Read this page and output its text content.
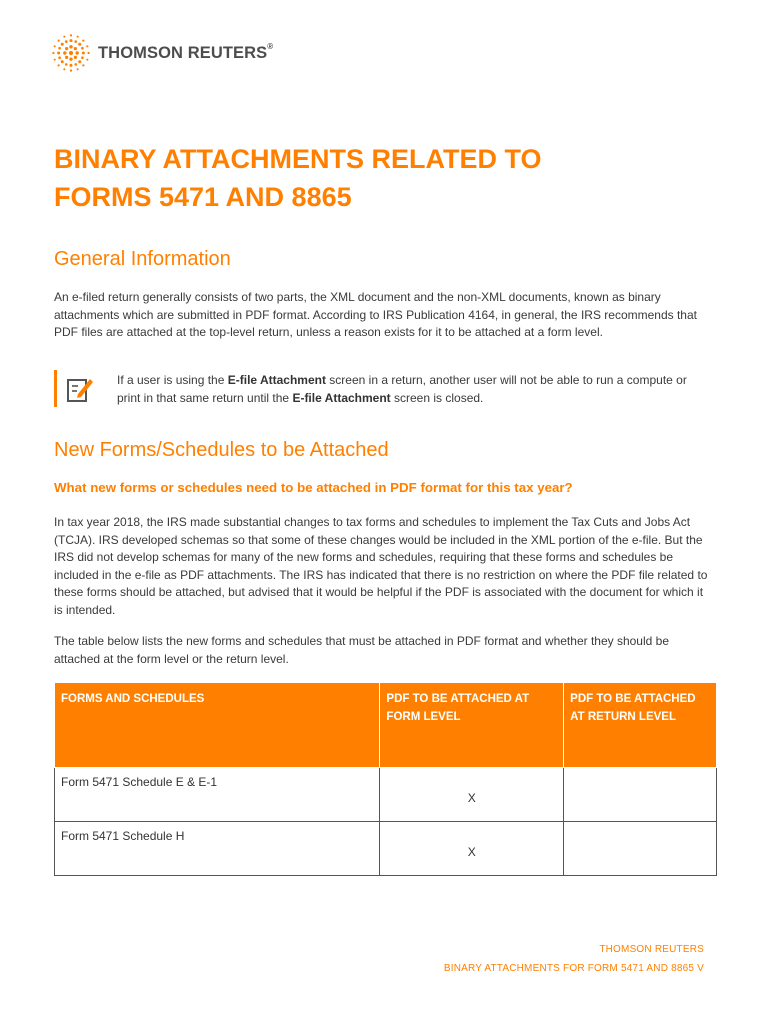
THOMSON REUTERS®
BINARY ATTACHMENTS RELATED TO
FORMS 5471 AND 8865
General Information

An e-filed return generally consists of two parts, the XML document and the non-XML documents, known as binary attachments which are submitted in PDF format. According to IRS Publication 4164, in general, the IRS recommends that PDF files are attached at the top-level return, unless a reason exists for it to be attached at a form level.

If a user is using the E-file Attachment screen in a return, another user will not be able to run a compute or print in that same return until the E-file Attachment screen is closed.
New Forms/Schedules to be Attached
What new forms or schedules need to be attached in PDF format for this tax year?

In tax year 2018, the IRS made substantial changes to tax forms and schedules to implement the Tax Cuts and Jobs Act (TCJA). IRS developed schemas so that some of these changes would be included in the XML portion of the e-file. But the IRS did not develop schemas for many of the new forms and schedules, requiring that these forms and schedules be included in the e-file as PDF attachments. The IRS has indicated that there is no restriction on where the PDF file related to these forms should be attached, but advised that it would be helpful if the PDF is associated with the document for which it is intended.

The table below lists the new forms and schedules that must be attached in PDF format and whether they should be attached at the form level or the return level.

FORMS AND SCHEDULES	PDF TO BE ATTACHED AT FORM LEVEL	PDF TO BE ATTACHED AT RETURN LEVEL
Form 5471 Schedule E & E-1	X	
Form 5471 Schedule H	X	
THOMSON REUTERS
BINARY ATTACHMENTS FOR FORM 5471 AND 8865 V
